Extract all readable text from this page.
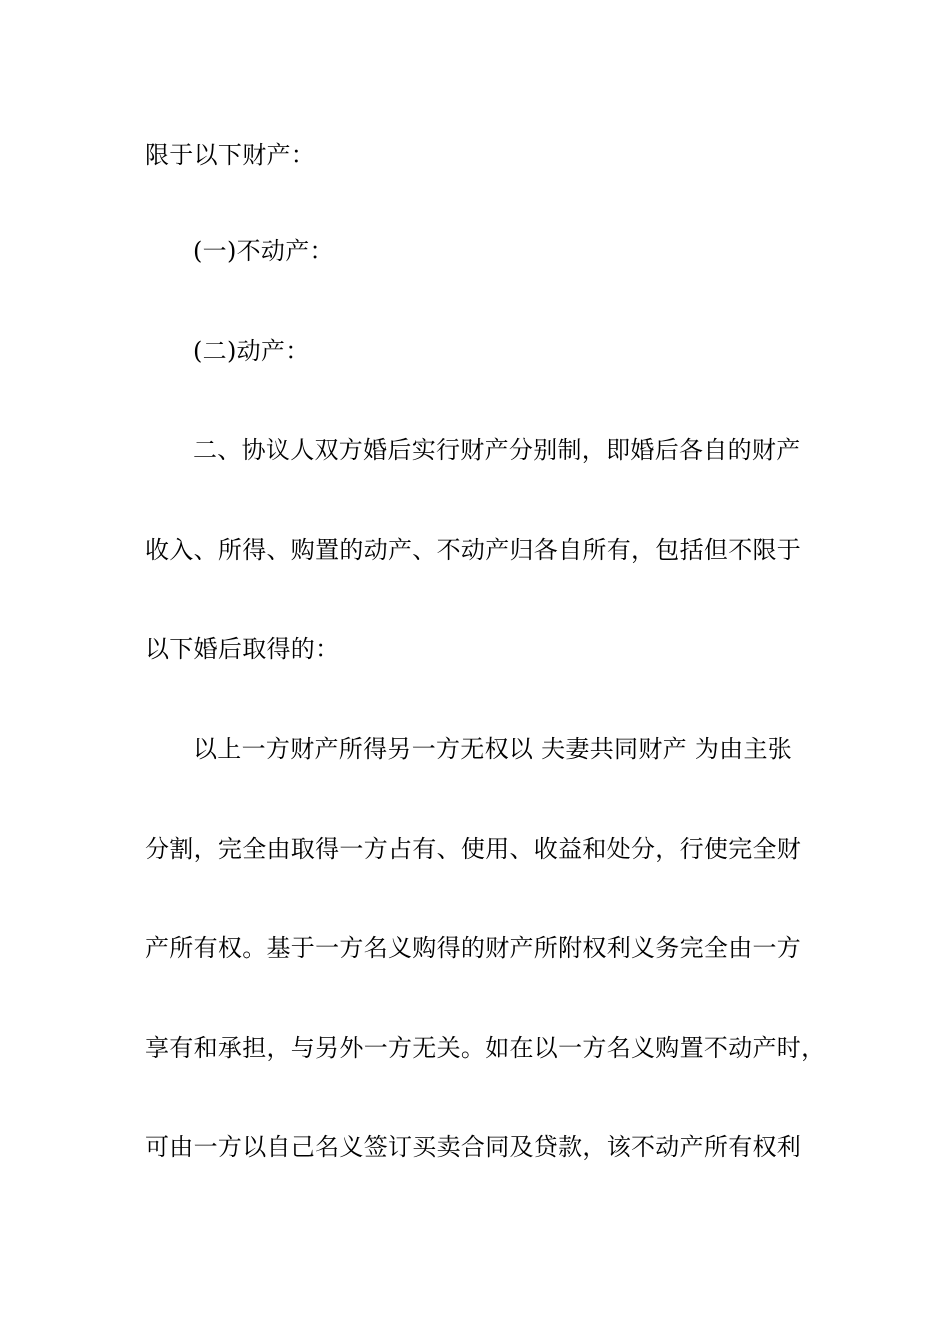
限于以下财产：
(一)不动产：
(二)动产：
二、协议人双方婚后实行财产分别制，即婚后各自的财产
收入、所得、购置的动产、不动产归各自所有，包括但不限于
以下婚后取得的：
以上一方财产所得另一方无权以 夫妻共同财产 为由主张
分割，完全由取得一方占有、使用、收益和处分，行使完全财
产所有权。基于一方名义购得的财产所附权利义务完全由一方
享有和承担，与另外一方无关。如在以一方名义购置不动产时，
可由一方以自己名义签订买卖合同及贷款，该不动产所有权利
